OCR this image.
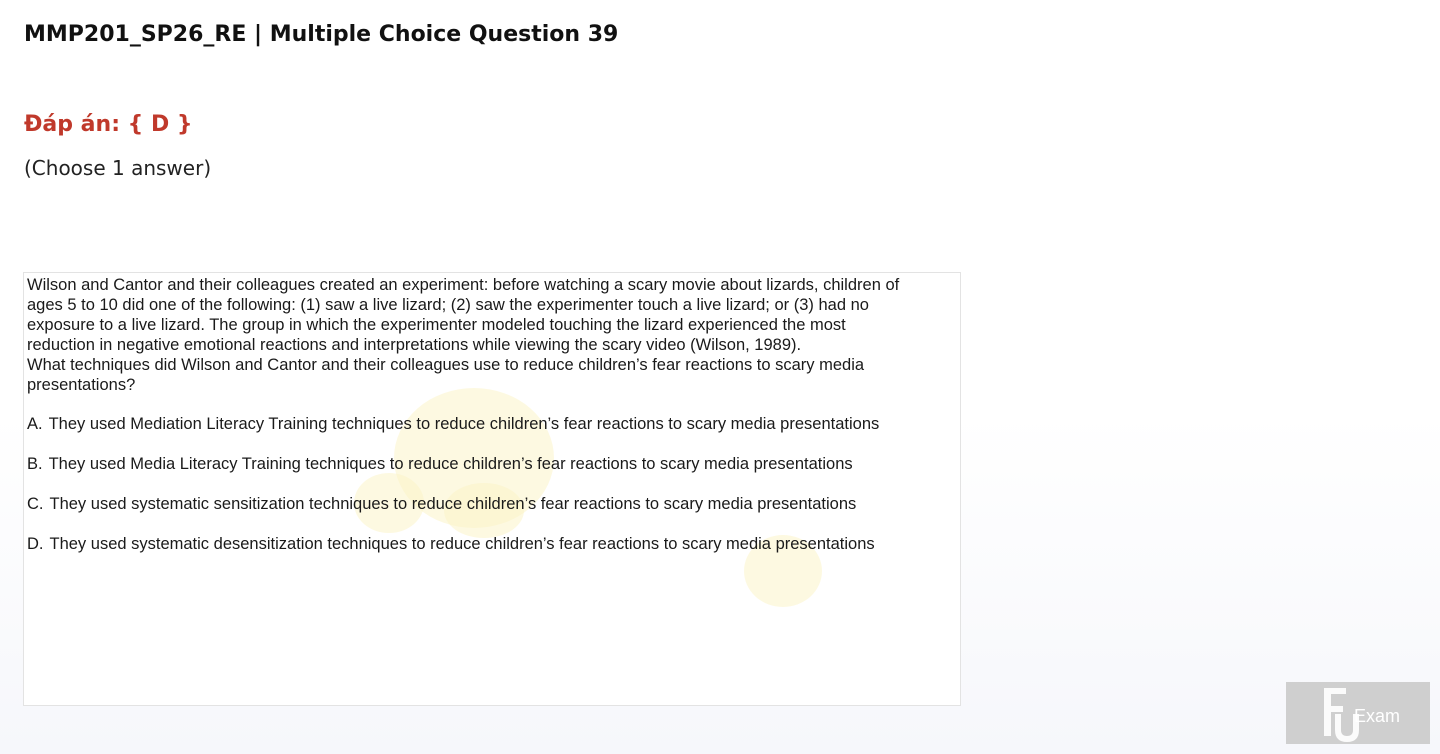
MMP201_SP26_RE | Multiple Choice Question 39
Đáp án: { D }

(Choose 1 answer)

Wilson and Cantor and their colleagues created an experiment: before watching a scary movie about lizards, children of ages 5 to 10 did one of the following: (1) saw a live lizard; (2) saw the experimenter touch a live lizard; or (3) had no exposure to a live lizard. The group in which the experimenter modeled touching the lizard experienced the most reduction in negative emotional reactions and interpretations while viewing the scary video (Wilson, 1989).

What techniques did Wilson and Cantor and their colleagues use to reduce children’s fear reactions to scary media presentations?

A. They used Mediation Literacy Training techniques to reduce children’s fear reactions to scary media presentations

B. They used Media Literacy Training techniques to reduce children’s fear reactions to scary media presentations

C. They used systematic sensitization techniques to reduce children’s fear reactions to scary media presentations

D. They used systematic desensitization techniques to reduce children’s fear reactions to scary media presentations

Exam
